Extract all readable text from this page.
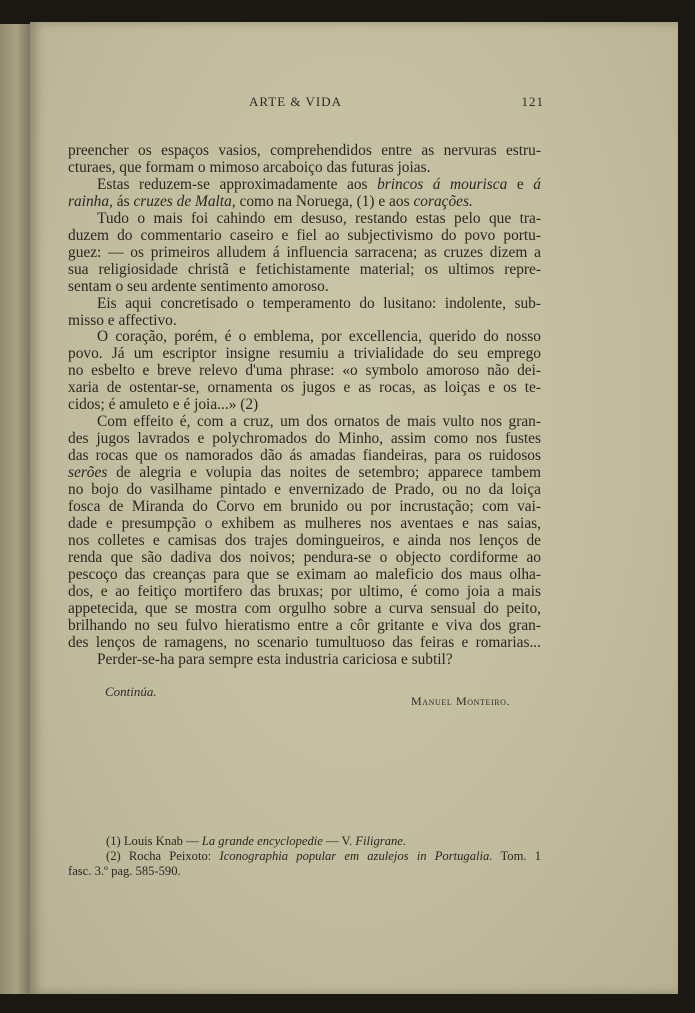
ARTE & VIDA	121
preencher os espaços vasios, comprehendidos entre as nervuras estru-
cturaes, que formam o mimoso arcaboiço das futuras joias.
Estas reduzem-se approximadamente aos brincos á mourisca e á
rainha, ás cruzes de Malta, como na Noruega, (1) e aos corações.
Tudo o mais foi cahindo em desuso, restando estas pelo que tra-
duzem do commentario caseiro e fiel ao subjectivismo do povo portu-
guez: — os primeiros alludem á influencia sarracena; as cruzes dizem a
sua religiosidade christã e fetichistamente material; os ultimos repre-
sentam o seu ardente sentimento amoroso.
Eis aqui concretisado o temperamento do lusitano: indolente, sub-
misso e affectivo.
O coração, porém, é o emblema, por excellencia, querido do nosso
povo. Já um escriptor insigne resumiu a trivialidade do seu emprego
no esbelto e breve relevo d'uma phrase: «o symbolo amoroso não dei-
xaria de ostentar-se, ornamenta os jugos e as rocas, as loiças e os te-
cidos; é amuleto e é joia...» (2)
Com effeito é, com a cruz, um dos ornatos de mais vulto nos gran-
des jugos lavrados e polychromados do Minho, assim como nos fustes
das rocas que os namorados dão ás amadas fiandeiras, para os ruidosos
serões de alegria e volupia das noites de setembro; apparece tambem
no bojo do vasilhame pintado e envernizado de Prado, ou no da loiça
fosca de Miranda do Corvo em brunido ou por incrustação; com vai-
dade e presumpção o exhibem as mulheres nos aventaes e nas saias,
nos colletes e camisas dos trajes domingueiros, e ainda nos lenços de
renda que são dadiva dos noivos; pendura-se o objecto cordiforme ao
pescoço das creanças para que se eximam ao maleficio dos maus olha-
dos, e ao feitiço mortifero das bruxas; por ultimo, é como joia a mais
appetecida, que se mostra com orgulho sobre a curva sensual do peito,
brilhando no seu fulvo hieratismo entre a côr gritante e viva dos gran-
des lenços de ramagens, no scenario tumultuoso das feiras e romarias...
Perder-se-ha para sempre esta industria cariciosa e subtil?
Continúa.
Manuel Monteiro.
(1) Louis Knab — La grande encyclopedie — V. Filigrane.
(2) Rocha Peixoto: Iconographia popular em azulejos in Portugalia. Tom. 1
fasc. 3.º pag. 585-590.
